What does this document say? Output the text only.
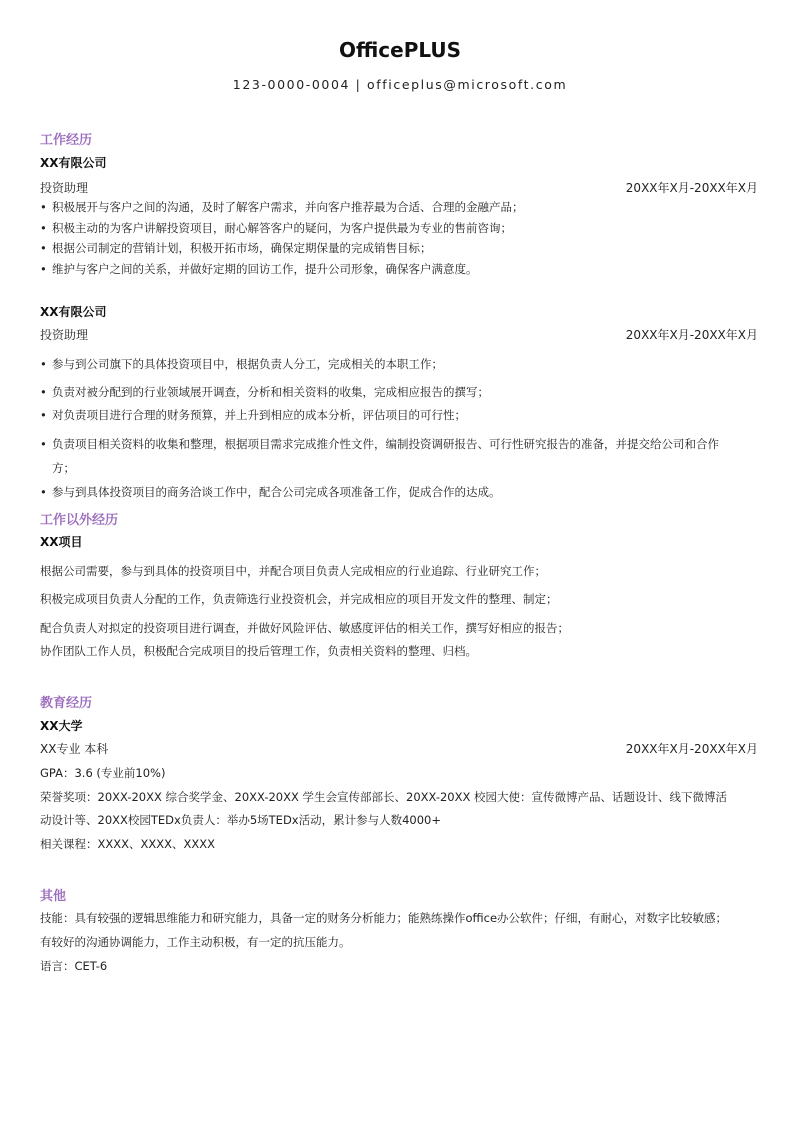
OfficePLUS
123-0000-0004 | officeplus@microsoft.com
工作经历
XX有限公司
投资助理	20XX年X月-20XX年X月
• 积极展开与客户之间的沟通，及时了解客户需求，并向客户推荐最为合适、合理的金融产品；
• 积极主动的为客户讲解投资项目，耐心解答客户的疑问，为客户提供最为专业的售前咨询；
• 根据公司制定的营销计划，积极开拓市场，确保定期保量的完成销售目标；
• 维护与客户之间的关系，并做好定期的回访工作，提升公司形象，确保客户满意度。
XX有限公司
投资助理	20XX年X月-20XX年X月
• 参与到公司旗下的具体投资项目中，根据负责人分工，完成相关的本职工作；
• 负责对被分配到的行业领域展开调查，分析和相关资料的收集，完成相应报告的撰写；
• 对负责项目进行合理的财务预算，并上升到相应的成本分析，评估项目的可行性；
• 负责项目相关资料的收集和整理，根据项目需求完成推介性文件，编制投资调研报告、可行性研究报告的准备，并提交给公司和合作
方；
• 参与到具体投资项目的商务洽谈工作中，配合公司完成各项准备工作，促成合作的达成。
工作以外经历
XX项目
根据公司需要，参与到具体的投资项目中，并配合项目负责人完成相应的行业追踪、行业研究工作；
积极完成项目负责人分配的工作，负责筛选行业投资机会，并完成相应的项目开发文件的整理、制定；
配合负责人对拟定的投资项目进行调查，并做好风险评估、敏感度评估的相关工作，撰写好相应的报告；
协作团队工作人员，积极配合完成项目的投后管理工作，负责相关资料的整理、归档。
教育经历
XX大学
XX专业 本科	20XX年X月-20XX年X月
GPA：3.6 (专业前10%)
荣誉奖项：20XX-20XX 综合奖学金、20XX-20XX 学生会宣传部部长、20XX-20XX 校园大使：宣传微博产品、话题设计、线下微博活
动设计等、20XX校园TEDx负责人：举办5场TEDx活动，累计参与人数4000+
相关课程：XXXX、XXXX、XXXX
其他
技能：具有较强的逻辑思维能力和研究能力，具备一定的财务分析能力；能熟练操作office办公软件；仔细，有耐心，对数字比较敏感；
有较好的沟通协调能力，工作主动积极，有一定的抗压能力。
语言：CET-6
